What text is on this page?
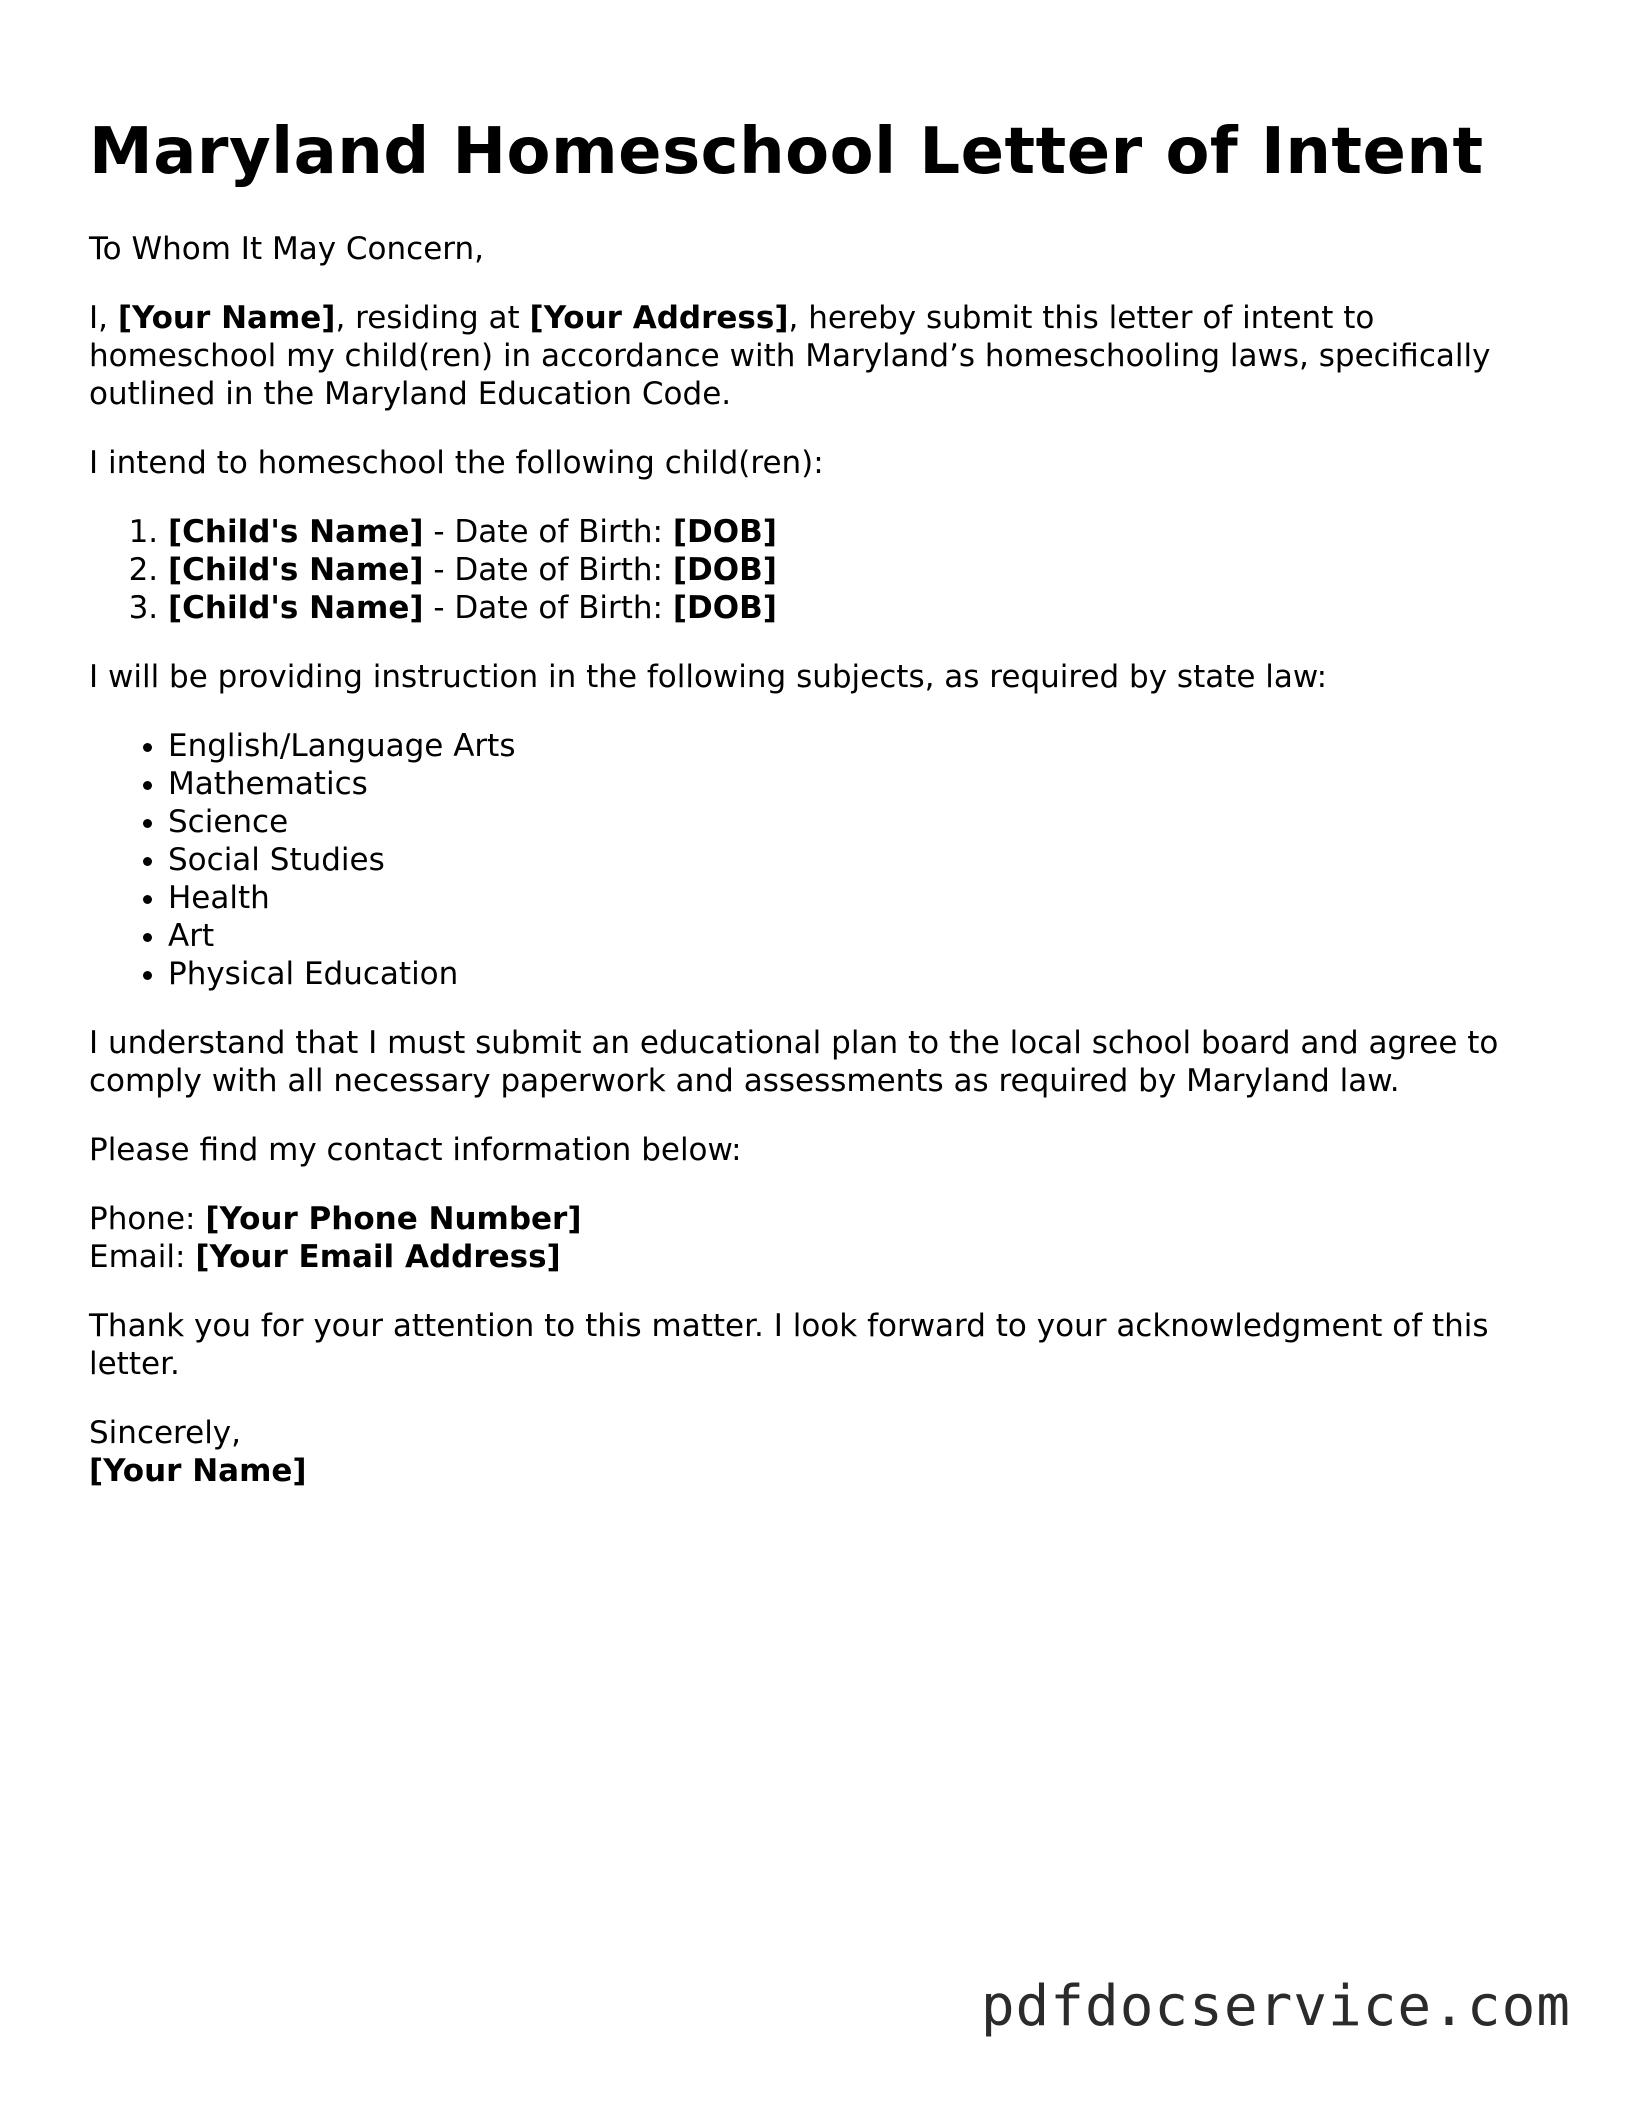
Maryland Homeschool Letter of Intent

To Whom It May Concern,

I, [Your Name], residing at [Your Address], hereby submit this letter of intent to homeschool my child(ren) in accordance with Maryland’s homeschooling laws, specifically outlined in the Maryland Education Code.

I intend to homeschool the following child(ren):

1. [Child's Name] - Date of Birth: [DOB]
2. [Child's Name] - Date of Birth: [DOB]
3. [Child's Name] - Date of Birth: [DOB]

I will be providing instruction in the following subjects, as required by state law:

• English/Language Arts
• Mathematics
• Science
• Social Studies
• Health
• Art
• Physical Education

I understand that I must submit an educational plan to the local school board and agree to comply with all necessary paperwork and assessments as required by Maryland law.

Please find my contact information below:

Phone: [Your Phone Number]
Email: [Your Email Address]

Thank you for your attention to this matter. I look forward to your acknowledgment of this letter.

Sincerely,
[Your Name]

pdfdocservice.com
